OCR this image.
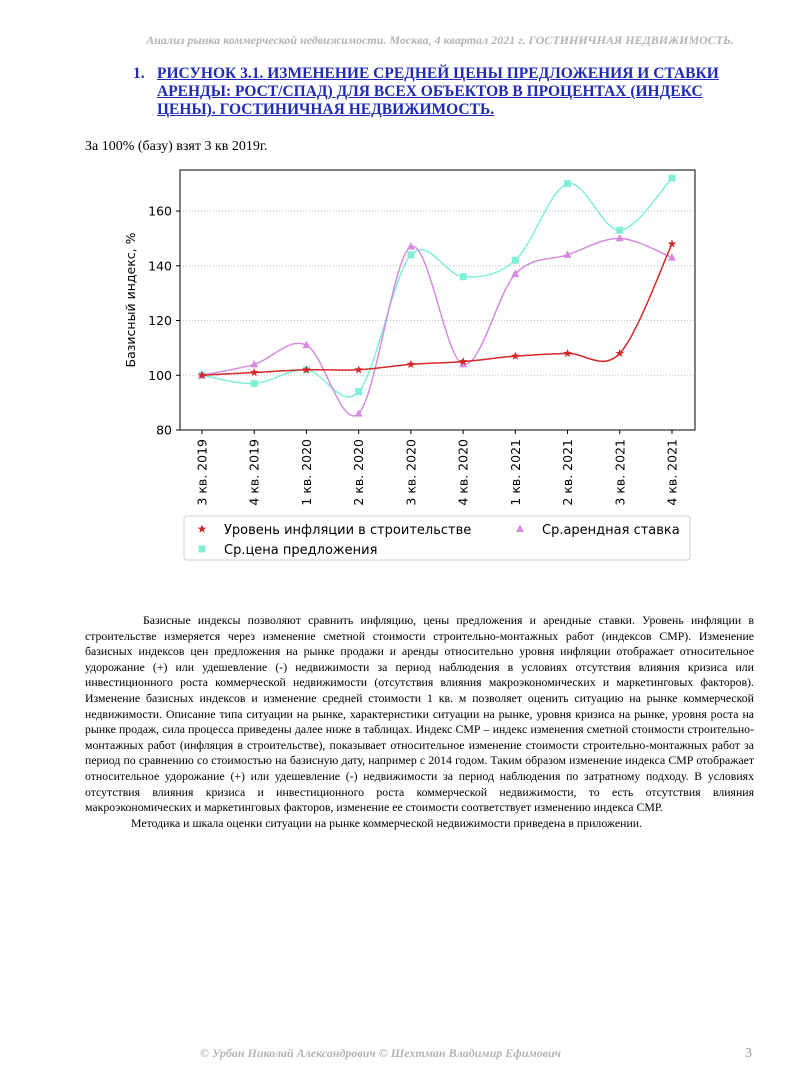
Анализ рынка коммерческой недвижимости. Москва, 4 квартал 2021 г. ГОСТИНИЧНАЯ НЕДВИЖИМОСТЬ.
1. РИСУНОК 3.1. ИЗМЕНЕНИЕ СРЕДНЕЙ ЦЕНЫ ПРЕДЛОЖЕНИЯ И СТАВКИ АРЕНДЫ: РОСТ/СПАД) ДЛЯ ВСЕХ ОБЪЕКТОВ В ПРОЦЕНТАХ (ИНДЕКС ЦЕНЫ). ГОСТИНИЧНАЯ НЕДВИЖИМОСТЬ.
За 100% (базу) взят 3 кв 2019г.
80
100
120
140
160
3 кв. 2019	4 кв. 2019	1 кв. 2020	2 кв. 2020	3 кв. 2020	4 кв. 2020	1 кв. 2021	2 кв. 2021	3 кв. 2021	4 кв. 2021
Базисный индекс, %
Уровень инфляции в строительстве	Ср.арендная ставка
Ср.цена предложения

Базисные индексы позволяют сравнить инфляцию, цены предложения и арендные ставки. Уровень инфляции в строительстве измеряется через изменение сметной стоимости строительно-монтажных работ (индексов СМР). Изменение базисных индексов цен предложения на рынке продажи и аренды относительно уровня инфляции отображает относительное удорожание (+) или удешевление (-) недвижимости за период наблюдения в условиях отсутствия влияния кризиса или инвестиционного роста коммерческой недвижимости (отсутствия влияния макроэкономических и маркетинговых факторов). Изменение базисных индексов и изменение средней стоимости 1 кв. м позволяет оценить ситуацию на рынке коммерческой недвижимости. Описание типа ситуации на рынке, характеристики ситуации на рынке, уровня кризиса на рынке, уровня роста на рынке продаж, сила процесса приведены далее ниже в таблицах. Индекс СМР – индекс изменения сметной стоимости строительно-монтажных работ (инфляция в строительстве), показывает относительное изменение стоимости строительно-монтажных работ за период по сравнению со стоимостью на базисную дату, например с 2014 годом. Таким образом изменение индекса СМР отображает относительное удорожание (+) или удешевление (-) недвижимости за период наблюдения по затратному подходу. В условиях отсутствия влияния кризиса и инвестиционного роста коммерческой недвижимости, то есть отсутствия влияния макроэкономических и маркетинговых факторов, изменение ее стоимости соответствует изменению индекса СМР.

Методика и шкала оценки ситуации на рынке коммерческой недвижимости приведена в приложении.

© Урбан Николай Александрович © Шехтман Владимир Ефимович	3
